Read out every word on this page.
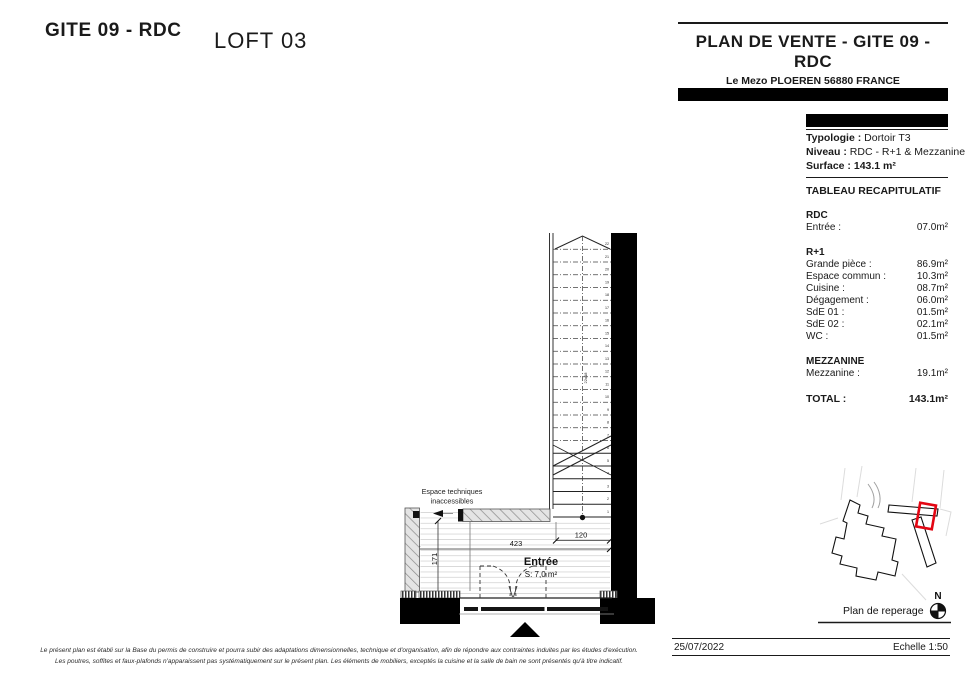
GITE 09 - RDC LOFT 03	PLAN DE VENTE - GITE 09 - RDC
Le Mezo PLOEREN 56880 FRANCE
Typologie : Dortoir T3
Niveau : RDC - R+1 & Mezzanine
Surface : 143.1 m²
TABLEAU RECAPITULATIF
RDC
Entrée :	07.0m²
R+1
Grande pièce :	86.9m²
Espace commun :	10.3m²
Cuisine :	08.7m²
Dégagement :	06.0m²
SdE 01 :	01.5m²
SdE 02 :	02.1m²
WC :	01.5m²
MEZZANINE
Mezzanine :	19.1m²
TOTAL :	143.1m²
423
120
171
1
2
3
5
6
7
8
9
10
11
12
13
14
15
16
17
18
19
20
21
22
22x18
Espace techniques
inaccessibles
Entrée
S: 7,0 m²
N
Plan de reperage
25/07/2022	Echelle 1:50
Le présent plan est établi sur la Base du permis de construire et pourra subir des adaptations dimensionnelles, technique et d'organisation, afin de répondre aux contraintes induites par les études d'exécution.
Les poutres, soffites et faux-plafonds n'apparaissent pas systématiquement sur le présent plan. Les éléments de mobiliers, exceptés la cuisine et la salle de bain ne sont présentés qu'à titre indicatif.
